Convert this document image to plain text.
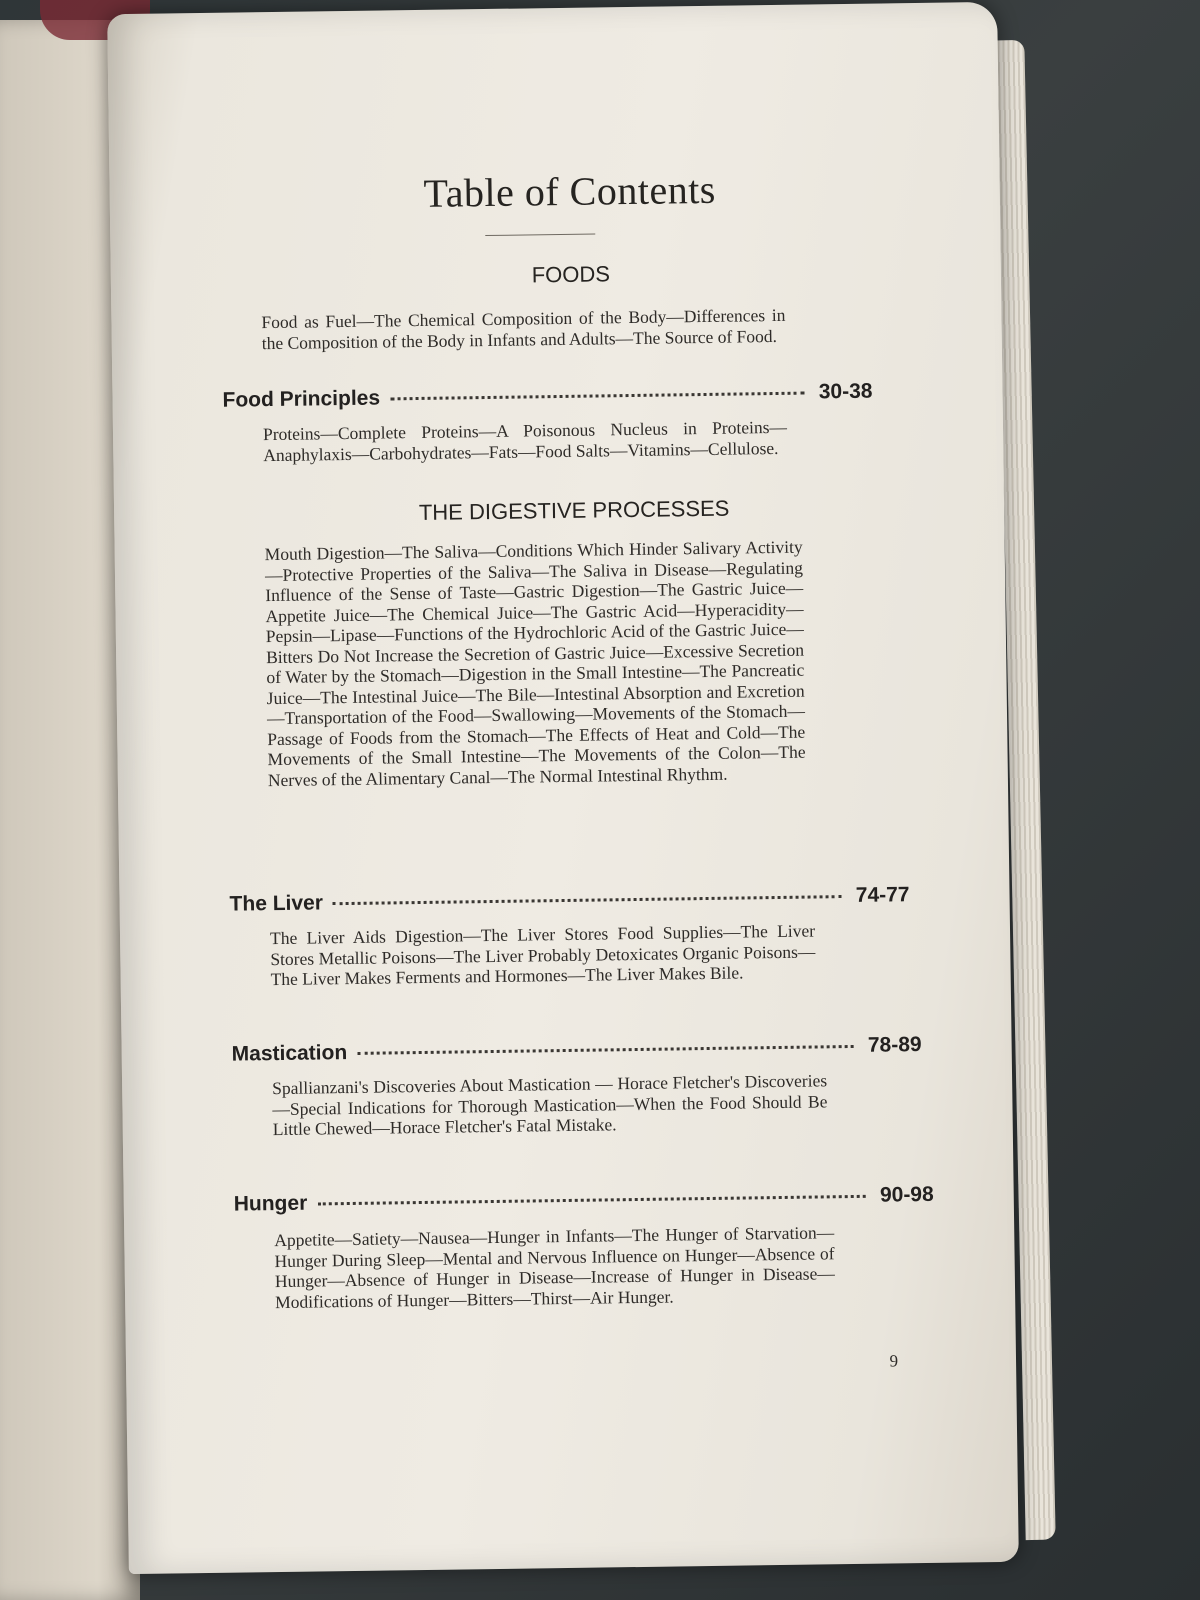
Table of Contents
FOODS
Food as Fuel—The Chemical Composition of the Body—Differences in the Composition of the Body in Infants and Adults—The Source of Food.
Food Principles	30-38
Proteins—Complete Proteins—A Poisonous Nucleus in Proteins—Anaphylaxis—Carbohydrates—Fats—Food Salts—Vitamins—Cellulose.
THE DIGESTIVE PROCESSES
Mouth Digestion—The Saliva—Conditions Which Hinder Salivary Activity—Protective Properties of the Saliva—The Saliva in Disease—Regulating Influence of the Sense of Taste—Gastric Digestion—The Gastric Juice—Appetite Juice—The Chemical Juice—The Gastric Acid—Hyperacidity—Pepsin—Lipase—Functions of the Hydrochloric Acid of the Gastric Juice—Bitters Do Not Increase the Secretion of Gastric Juice—Excessive Secretion of Water by the Stomach—Digestion in the Small Intestine—The Pancreatic Juice—The Intestinal Juice—The Bile—Intestinal Absorption and Excretion—Transportation of the Food—Swallowing—Movements of the Stomach—Passage of Foods from the Stomach—The Effects of Heat and Cold—The Movements of the Small Intestine—The Movements of the Colon—The Nerves of the Alimentary Canal—The Normal Intestinal Rhythm.
The Liver	74-77
The Liver Aids Digestion—The Liver Stores Food Supplies—The Liver Stores Metallic Poisons—The Liver Probably Detoxicates Organic Poisons—The Liver Makes Ferments and Hormones—The Liver Makes Bile.
Mastication	78-89
Spallianzani's Discoveries About Mastication — Horace Fletcher's Discoveries—Special Indications for Thorough Mastication—When the Food Should Be Little Chewed—Horace Fletcher's Fatal Mistake.
Hunger	90-98
Appetite—Satiety—Nausea—Hunger in Infants—The Hunger of Starvation—Hunger During Sleep—Mental and Nervous Influence on Hunger—Absence of Hunger—Absence of Hunger in Disease—Increase of Hunger in Disease—Modifications of Hunger—Bitters—Thirst—Air Hunger.
9
